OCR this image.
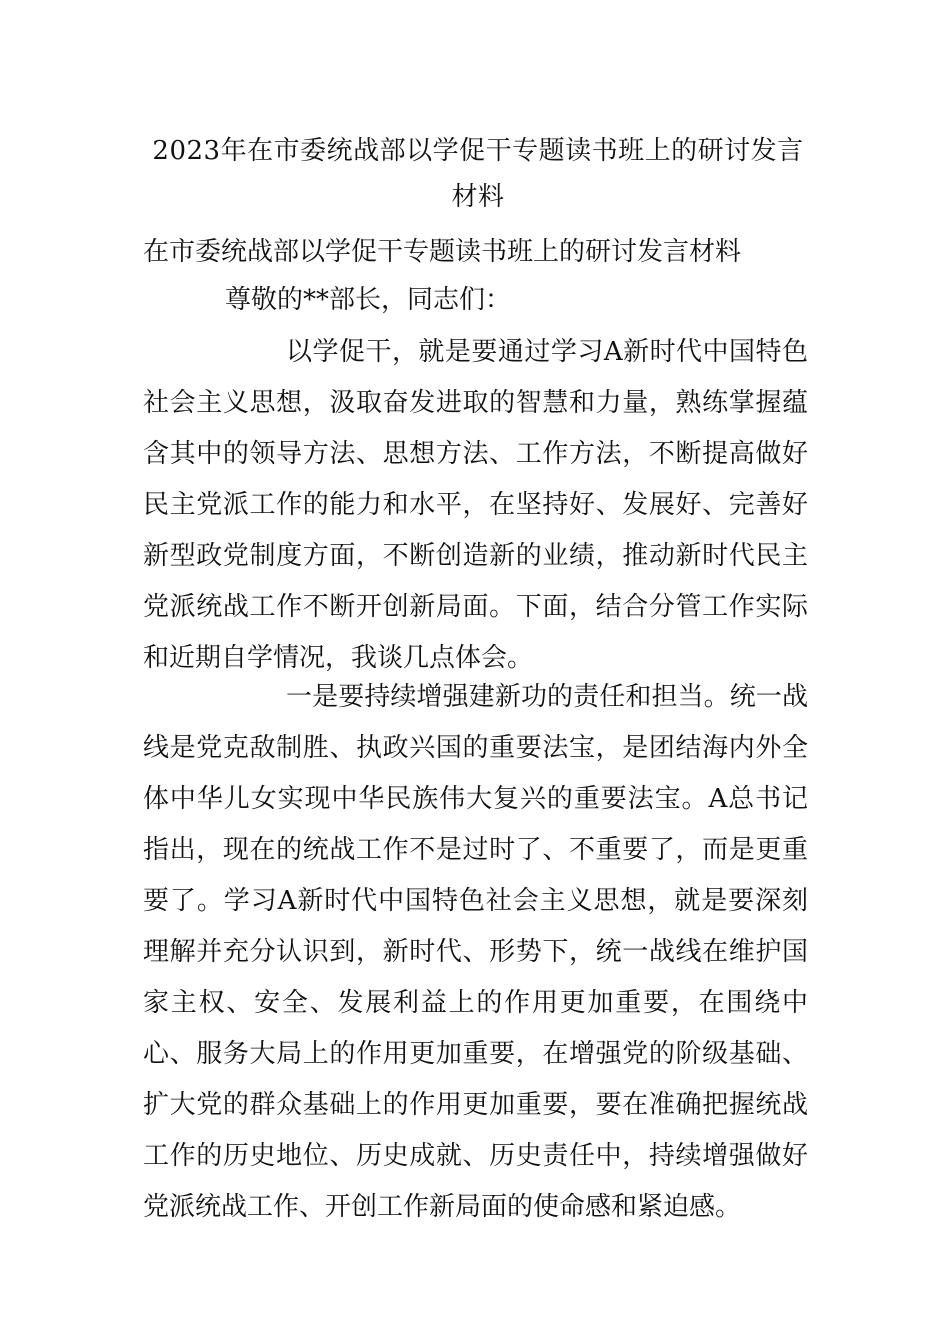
2023年在市委统战部以学促干专题读书班上的研讨发言材料
在市委统战部以学促干专题读书班上的研讨发言材料
尊敬的**部长，同志们：

以学促干，就是要通过学习A新时代中国特色社会主义思想，汲取奋发进取的智慧和力量，熟练掌握蕴含其中的领导方法、思想方法、工作方法，不断提高做好民主党派工作的能力和水平，在坚持好、发展好、完善好新型政党制度方面，不断创造新的业绩，推动新时代民主党派统战工作不断开创新局面。下面，结合分管工作实际和近期自学情况，我谈几点体会。

一是要持续增强建新功的责任和担当。统一战线是党克敌制胜、执政兴国的重要法宝，是团结海内外全体中华儿女实现中华民族伟大复兴的重要法宝。A总书记指出，现在的统战工作不是过时了、不重要了，而是更重要了。学习A新时代中国特色社会主义思想，就是要深刻理解并充分认识到，新时代、形势下，统一战线在维护国家主权、安全、发展利益上的作用更加重要，在围绕中心、服务大局上的作用更加重要，在增强党的阶级基础、扩大党的群众基础上的作用更加重要，要在准确把握统战工作的历史地位、历史成就、历史责任中，持续增强做好党派统战工作、开创工作新局面的使命感和紧迫感。
